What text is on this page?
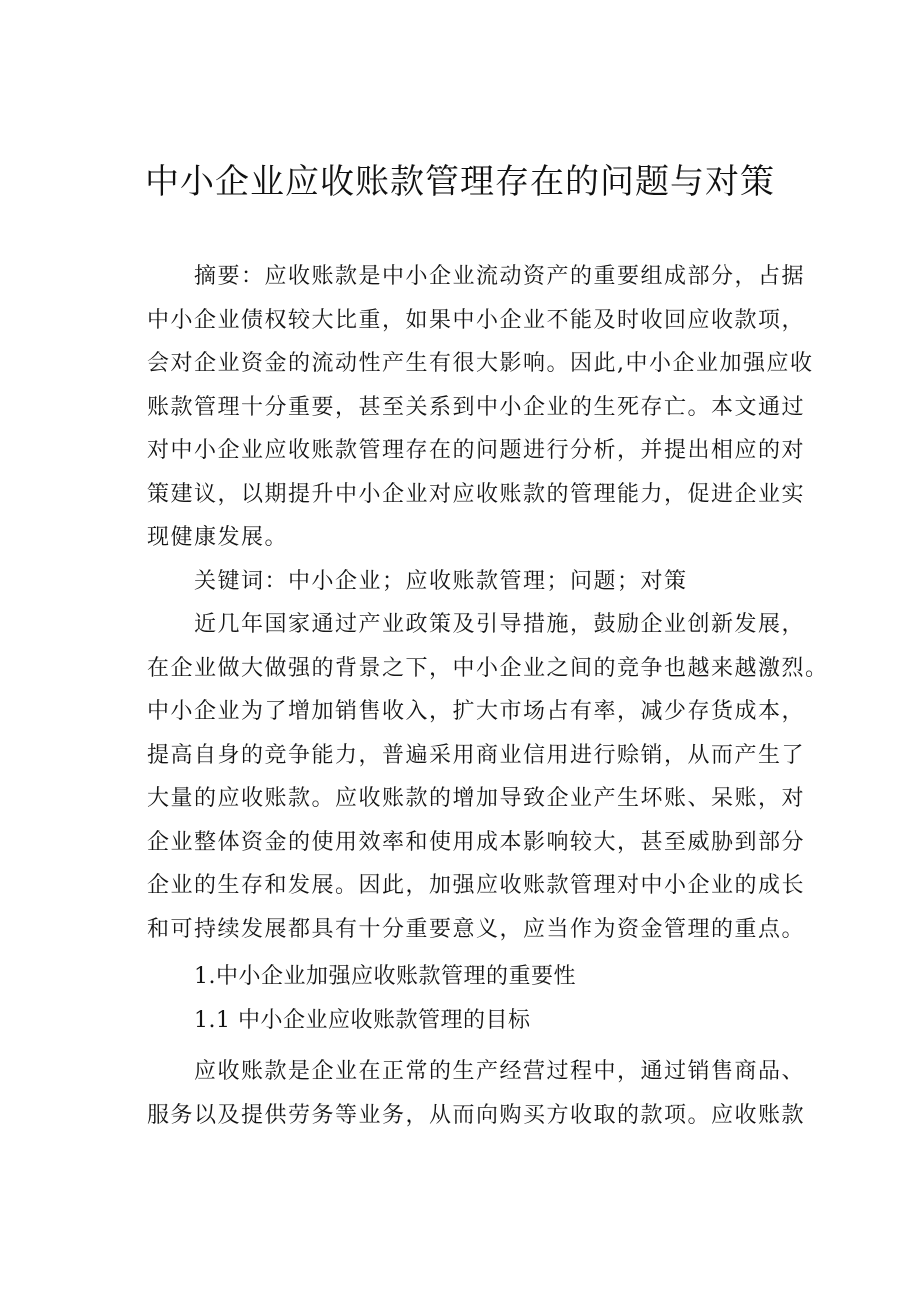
中小企业应收账款管理存在的问题与对策
摘要：应收账款是中小企业流动资产的重要组成部分，占据
中小企业债权较大比重，如果中小企业不能及时收回应收款项，
会对企业资金的流动性产生有很大影响。因此,中小企业加强应收
账款管理十分重要，甚至关系到中小企业的生死存亡。本文通过
对中小企业应收账款管理存在的问题进行分析，并提出相应的对
策建议，以期提升中小企业对应收账款的管理能力，促进企业实
现健康发展。
关键词：中小企业；应收账款管理；问题；对策
近几年国家通过产业政策及引导措施，鼓励企业创新发展，
在企业做大做强的背景之下，中小企业之间的竞争也越来越激烈。
中小企业为了增加销售收入，扩大市场占有率，减少存货成本，
提高自身的竞争能力，普遍采用商业信用进行赊销，从而产生了
大量的应收账款。应收账款的增加导致企业产生坏账、呆账，对
企业整体资金的使用效率和使用成本影响较大，甚至威胁到部分
企业的生存和发展。因此，加强应收账款管理对中小企业的成长
和可持续发展都具有十分重要意义，应当作为资金管理的重点。
1.中小企业加强应收账款管理的重要性
1.1 中小企业应收账款管理的目标
应收账款是企业在正常的生产经营过程中，通过销售商品、
服务以及提供劳务等业务，从而向购买方收取的款项。应收账款
